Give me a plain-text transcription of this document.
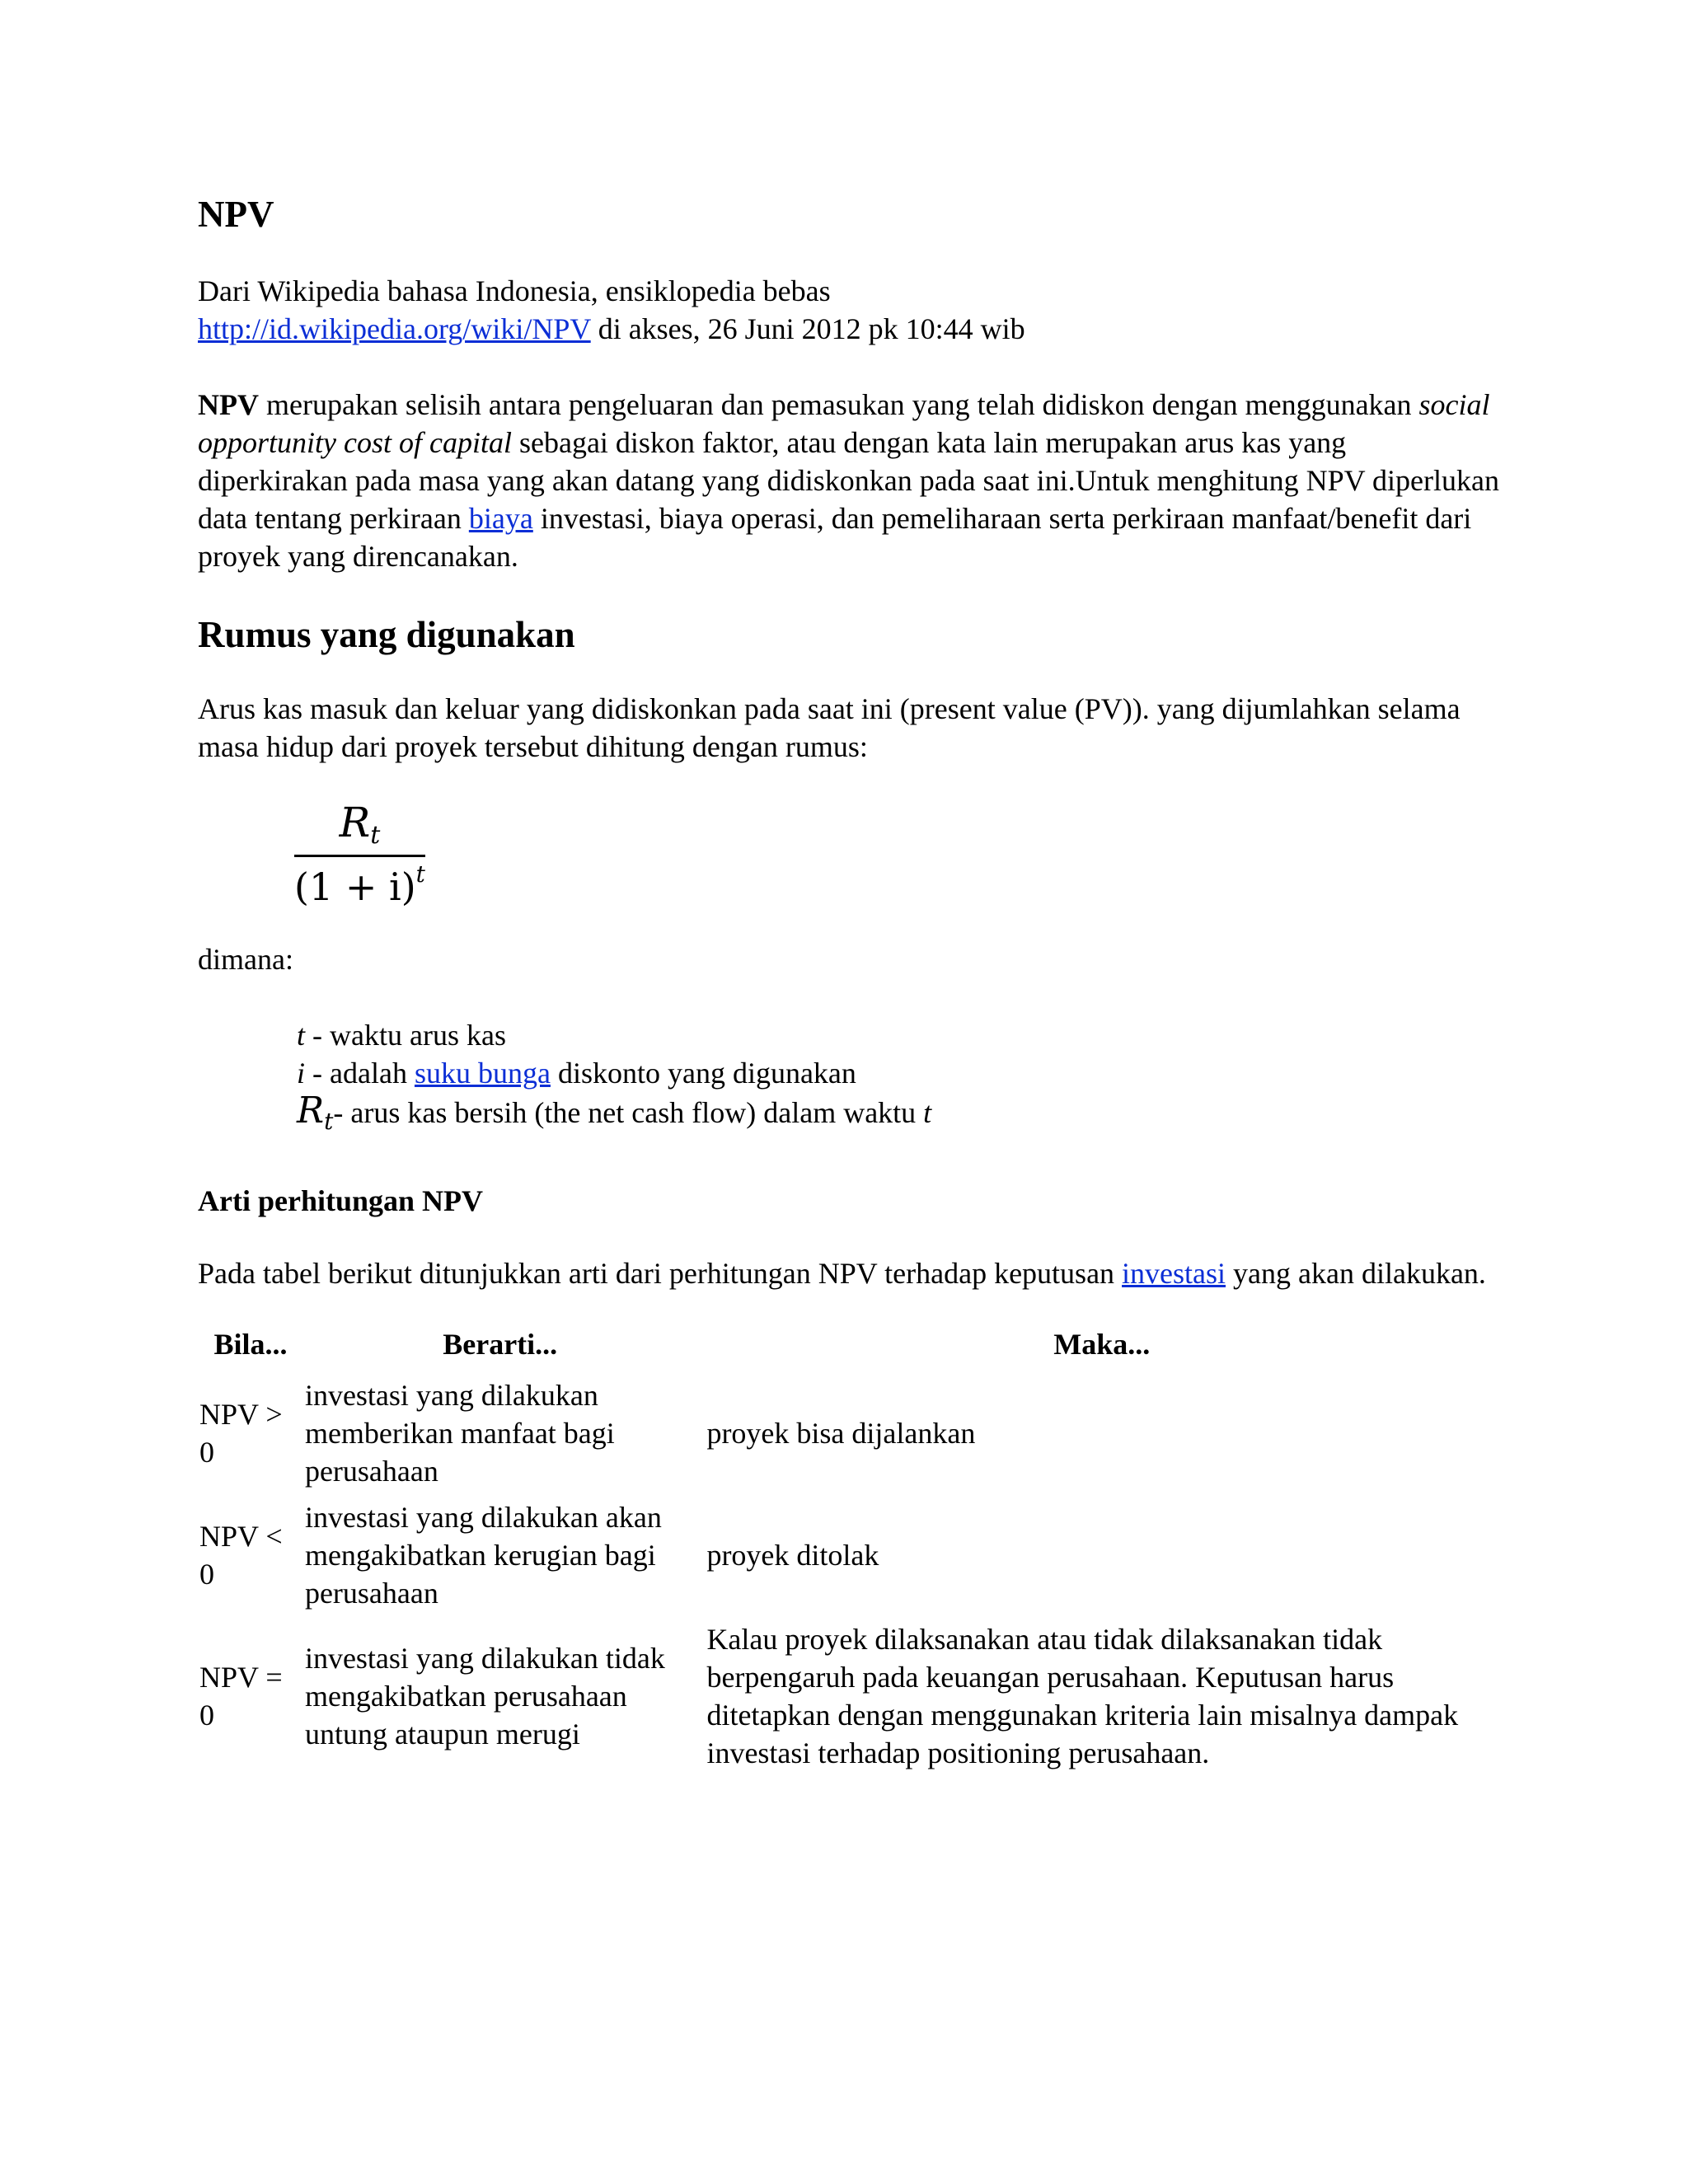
NPV
Dari Wikipedia bahasa Indonesia, ensiklopedia bebas
http://id.wikipedia.org/wiki/NPV di akses, 26 Juni 2012 pk 10:44 wib
NPV merupakan selisih antara pengeluaran dan pemasukan yang telah didiskon dengan menggunakan social opportunity cost of capital sebagai diskon faktor, atau dengan kata lain merupakan arus kas yang diperkirakan pada masa yang akan datang yang didiskonkan pada saat ini.Untuk menghitung NPV diperlukan data tentang perkiraan biaya investasi, biaya operasi, dan pemeliharaan serta perkiraan manfaat/benefit dari proyek yang direncanakan.
Rumus yang digunakan
Arus kas masuk dan keluar yang didiskonkan pada saat ini (present value (PV)). yang dijumlahkan selama masa hidup dari proyek tersebut dihitung dengan rumus:
$\frac{R_t}{(1 + i)^t}$
dimana:
t - waktu arus kas
i - adalah suku bunga diskonto yang digunakan
$R_t-$ arus kas bersih (the net cash flow) dalam waktu t
Arti perhitungan NPV
Pada tabel berikut ditunjukkan arti dari perhitungan NPV terhadap keputusan investasi yang akan dilakukan.
Bila...	Berarti...	Maka...
NPV > 0	investasi yang dilakukan memberikan manfaat bagi perusahaan	proyek bisa dijalankan
NPV < 0	investasi yang dilakukan akan mengakibatkan kerugian bagi perusahaan	proyek ditolak
NPV = 0	investasi yang dilakukan tidak mengakibatkan perusahaan untung ataupun merugi	Kalau proyek dilaksanakan atau tidak dilaksanakan tidak berpengaruh pada keuangan perusahaan. Keputusan harus ditetapkan dengan menggunakan kriteria lain misalnya dampak investasi terhadap positioning perusahaan.
